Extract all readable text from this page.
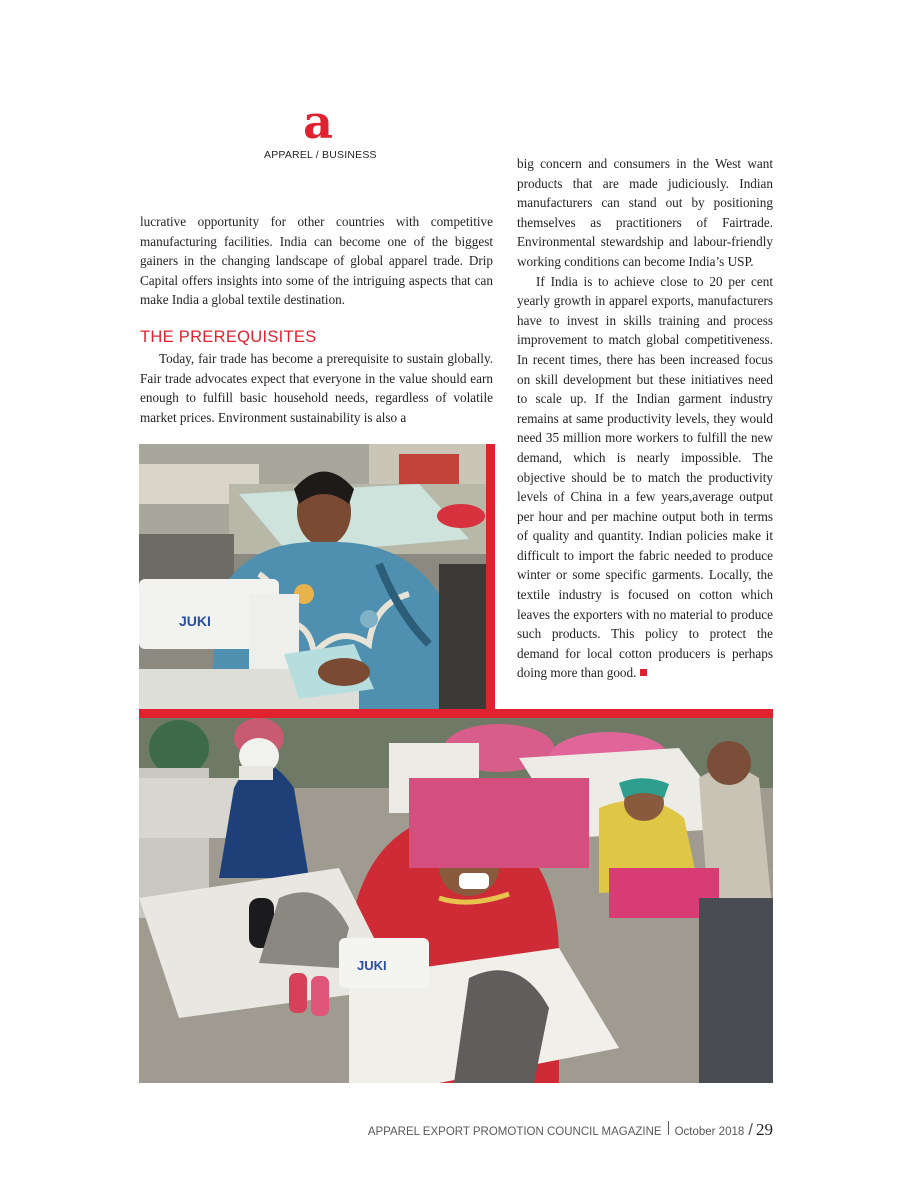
a
APPAREL / BUSINESS

lucrative opportunity for other countries with competitive manufacturing facilities. India can become one of the biggest gainers in the changing landscape of global apparel trade. Drip Capital offers insights into some of the intriguing aspects that can make India a global textile destination.

THE PREREQUISITES

Today, fair trade has become a prerequisite to sustain globally. Fair trade advocates expect that everyone in the value should earn enough to fulfill basic household needs, regardless of volatile market prices. Environment sustainability is also a

big concern and consumers in the West want products that are made judiciously. Indian manufacturers can stand out by positioning themselves as practitioners of Fairtrade. Environmental stewardship and labour-friendly working conditions can become India’s USP.

If India is to achieve close to 20 per cent yearly growth in apparel exports, manufacturers have to invest in skills training and process improvement to match global competitiveness. In recent times, there has been increased focus on skill development but these initiatives need to scale up. If the Indian garment industry remains at same productivity levels, they would need 35 million more workers to fulfill the new demand, which is nearly impossible. The objective should be to match the productivity levels of China in a few years,average output per hour and per machine output both in terms of quality and quantity. Indian policies make it difficult to import the fabric needed to produce winter or some specific garments. Locally, the textile industry is focused on cotton which leaves the exporters with no material to produce such products. This policy to protect the demand for local cotton producers is perhaps doing more than good.

JUKI
JUKI
APPAREL EXPORT PROMOTION COUNCIL MAGAZINE October 2018 / 29
